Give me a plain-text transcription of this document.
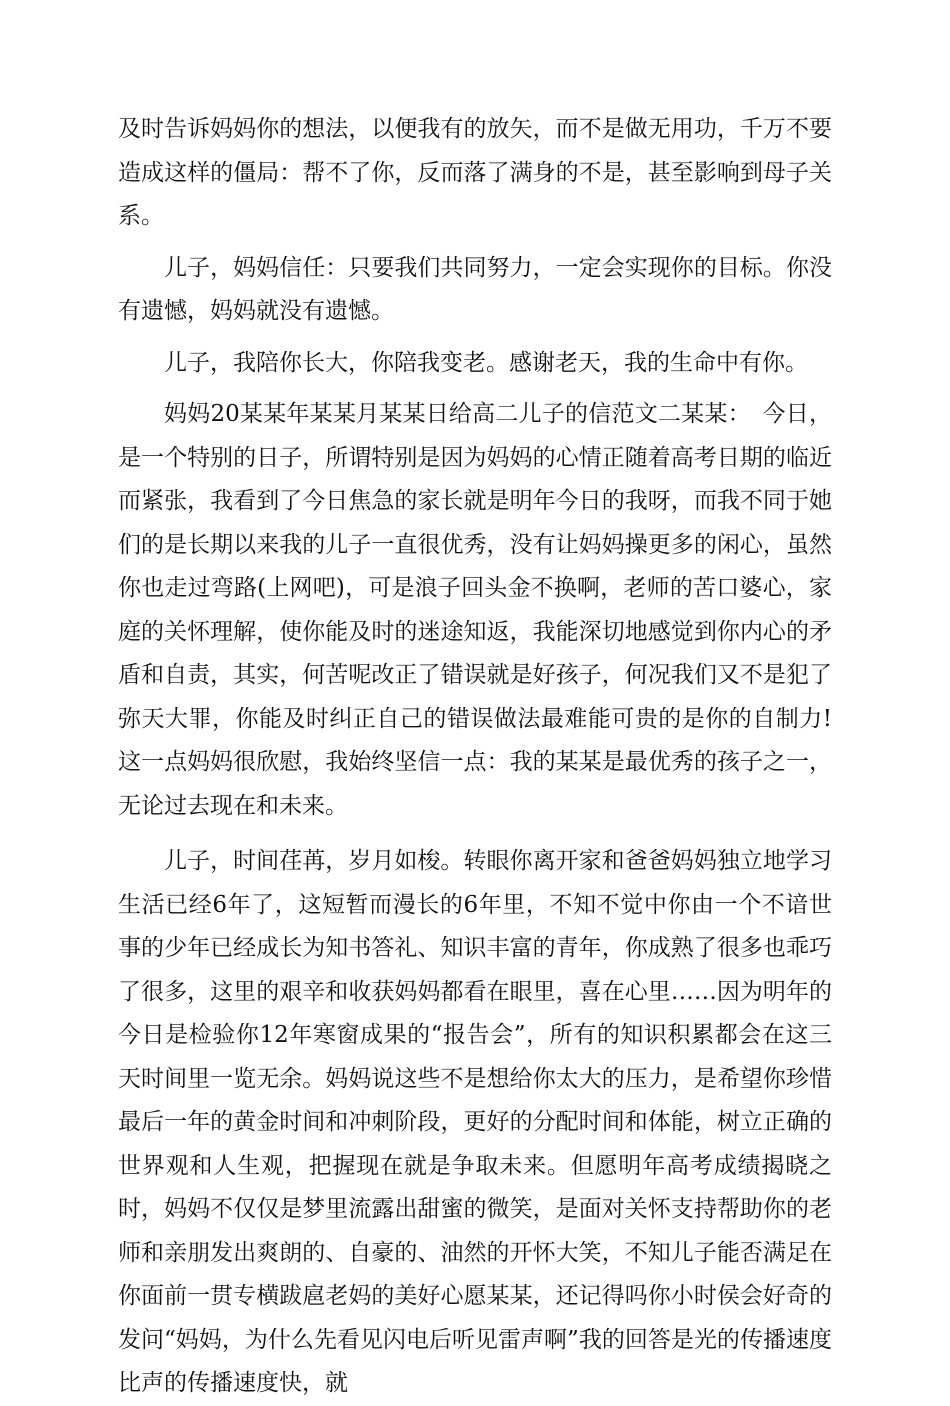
及时告诉妈妈你的想法，以便我有的放矢，而不是做无用功，千万不要造成这样的僵局：帮不了你，反而落了满身的不是，甚至影响到母子关系。

儿子，妈妈信任：只要我们共同努力，一定会实现你的目标。你没有遗憾，妈妈就没有遗憾。

儿子，我陪你长大，你陪我变老。感谢老天，我的生命中有你。

妈妈20某某年某某月某某日给高二儿子的信范文二某某：　今日，是一个特别的日子，所谓特别是因为妈妈的心情正随着高考日期的临近而紧张，我看到了今日焦急的家长就是明年今日的我呀，而我不同于她们的是长期以来我的儿子一直很优秀，没有让妈妈操更多的闲心，虽然你也走过弯路(上网吧)，可是浪子回头金不换啊，老师的苦口婆心，家庭的关怀理解，使你能及时的迷途知返，我能深切地感觉到你内心的矛盾和自责，其实，何苦呢改正了错误就是好孩子，何况我们又不是犯了弥天大罪，你能及时纠正自己的错误做法最难能可贵的是你的自制力!这一点妈妈很欣慰，我始终坚信一点：我的某某是最优秀的孩子之一，无论过去现在和未来。

儿子，时间荏苒，岁月如梭。转眼你离开家和爸爸妈妈独立地学习生活已经6年了，这短暂而漫长的6年里，不知不觉中你由一个不谙世事的少年已经成长为知书答礼、知识丰富的青年，你成熟了很多也乖巧了很多，这里的艰辛和收获妈妈都看在眼里，喜在心里……因为明年的今日是检验你12年寒窗成果的“报告会”，所有的知识积累都会在这三天时间里一览无余。妈妈说这些不是想给你太大的压力，是希望你珍惜最后一年的黄金时间和冲刺阶段，更好的分配时间和体能，树立正确的世界观和人生观，把握现在就是争取未来。但愿明年高考成绩揭晓之时，妈妈不仅仅是梦里流露出甜蜜的微笑，是面对关怀支持帮助你的老师和亲朋发出爽朗的、自豪的、油然的开怀大笑，不知儿子能否满足在你面前一贯专横跋扈老妈的美好心愿某某，还记得吗你小时侯会好奇的发问“妈妈，为什么先看见闪电后听见雷声啊”我的回答是光的传播速度比声的传播速度快，就
